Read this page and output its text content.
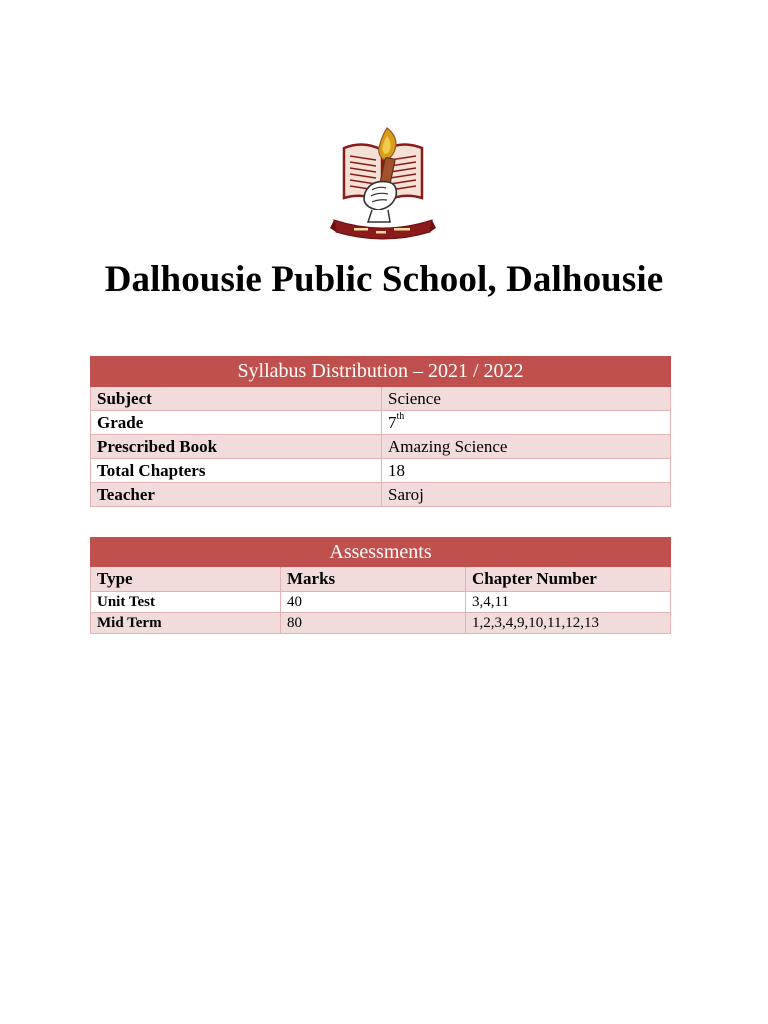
Dalhousie Public School, Dalhousie
Syllabus Distribution – 2021 / 2022	
Subject	Science
Grade	7th
Prescribed Book	Amazing Science
Total Chapters	18
Teacher	Saroj
Assessments		
Type	Marks	Chapter Number
Unit Test	40	3,4,11
Mid Term	80	1,2,3,4,9,10,11,12,13
